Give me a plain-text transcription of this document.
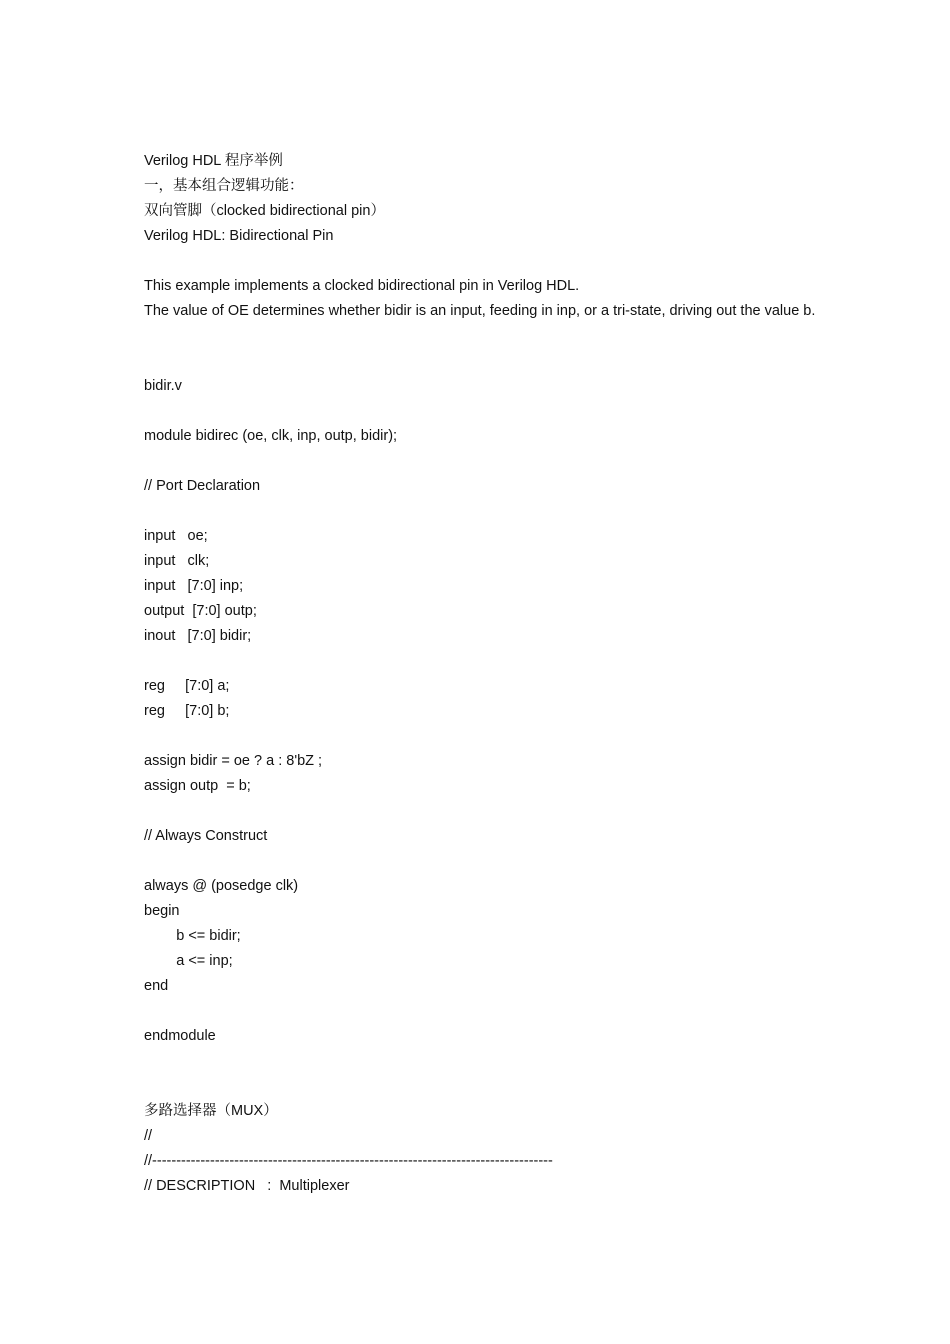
Verilog HDL 程序举例
一，基本组合逻辑功能：
双向管脚（clocked bidirectional pin）
Verilog HDL: Bidirectional Pin
This example implements a clocked bidirectional pin in Verilog HDL.
The value of OE determines whether bidir is an input, feeding in inp, or a tri-state, driving out the value b.
bidir.v
module bidirec (oe, clk, inp, outp, bidir);
// Port Declaration
input   oe;
input   clk;
input   [7:0] inp;
output  [7:0] outp;
inout   [7:0] bidir;
reg     [7:0] a;
reg     [7:0] b;
assign bidir = oe ? a : 8'bZ ;
assign outp  = b;
// Always Construct
always @ (posedge clk)
begin
b <= bidir;
a <= inp;
end
endmodule
多路选择器（MUX）
//
//-----------------------------------------------------------------------------------
// DESCRIPTION   :  Multiplexer
